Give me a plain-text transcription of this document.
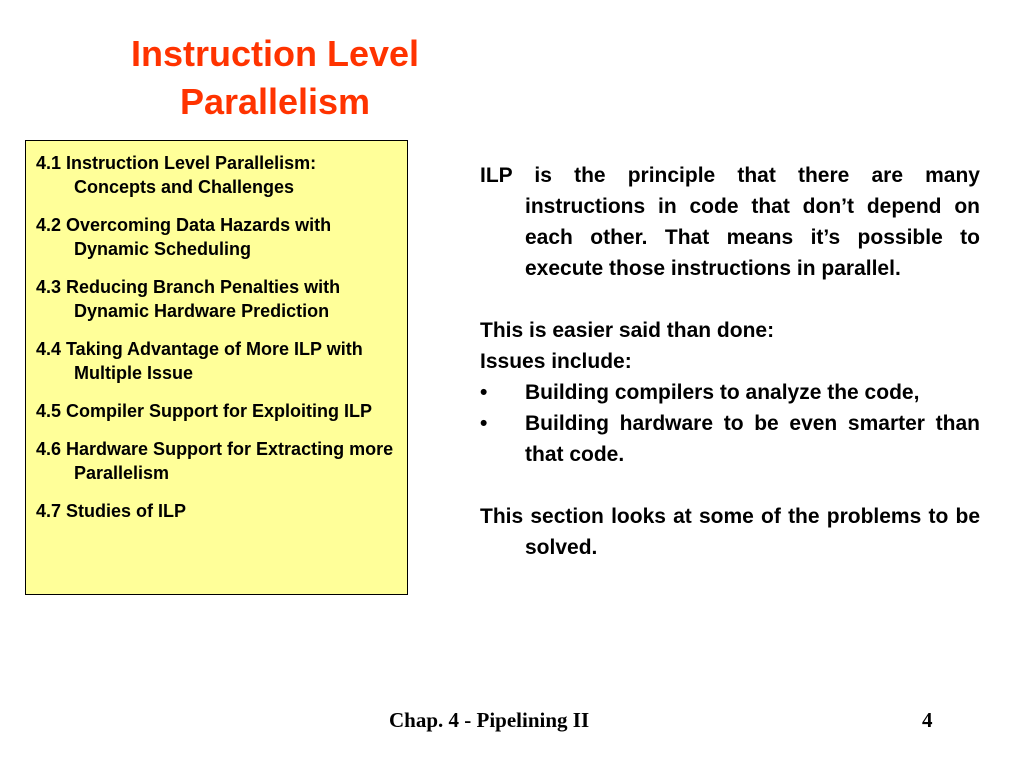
Instruction Level
Parallelism
4.1 Instruction Level Parallelism: Concepts and Challenges
4.2 Overcoming Data Hazards with Dynamic Scheduling
4.3 Reducing Branch Penalties with Dynamic Hardware Prediction
4.4 Taking Advantage of More ILP with Multiple Issue
4.5 Compiler Support for Exploiting ILP
4.6 Hardware Support for Extracting more Parallelism
4.7 Studies of ILP
ILP is the principle that there are many instructions in code that don’t depend on each other. That means it’s possible to execute those instructions in parallel.
This is easier said than done:
Issues include:
•	Building compilers to analyze the code,
•	Building hardware to be even smarter than that code.
This section looks at some of the problems to be solved.
Chap. 4 - Pipelining II	4
